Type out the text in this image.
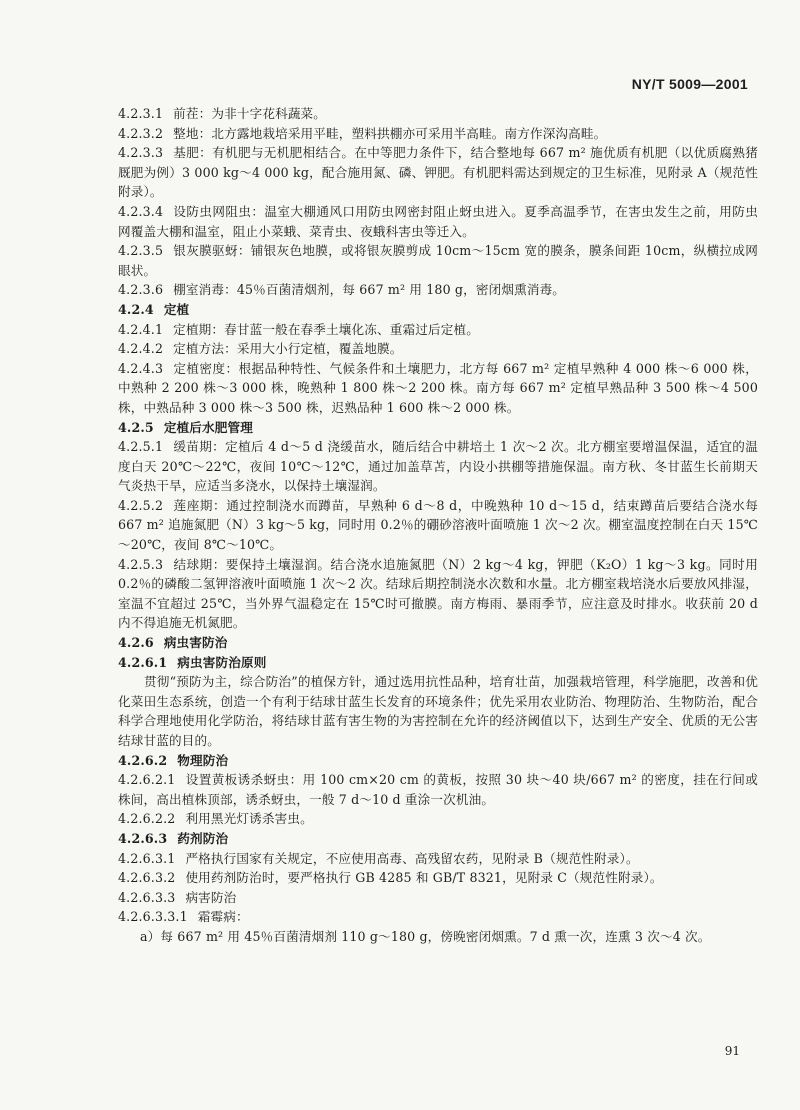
NY/T 5009—2001

4.2.3.1 前茬：为非十字花科蔬菜。

4.2.3.2 整地：北方露地栽培采用平畦，塑料拱棚亦可采用半高畦。南方作深沟高畦。

4.2.3.3 基肥：有机肥与无机肥相结合。在中等肥力条件下，结合整地每 667 m² 施优质有机肥（以优质腐熟猪厩肥为例）3 000 kg～4 000 kg，配合施用氮、磷、钾肥。有机肥料需达到规定的卫生标准，见附录 A（规范性附录）。

4.2.3.4 设防虫网阻虫：温室大棚通风口用防虫网密封阻止蚜虫进入。夏季高温季节，在害虫发生之前，用防虫网覆盖大棚和温室，阻止小菜蛾、菜青虫、夜蛾科害虫等迁入。

4.2.3.5 银灰膜驱蚜：铺银灰色地膜，或将银灰膜剪成 10cm～15cm 宽的膜条，膜条间距 10cm，纵横拉成网眼状。

4.2.3.6 棚室消毒：45％百菌清烟剂，每 667 m² 用 180 g，密闭烟熏消毒。

4.2.4 定植

4.2.4.1 定植期：春甘蓝一般在春季土壤化冻、重霜过后定植。

4.2.4.2 定植方法：采用大小行定植，覆盖地膜。

4.2.4.3 定植密度：根据品种特性、气候条件和土壤肥力，北方每 667 m² 定植早熟种 4 000 株～6 000 株，中熟种 2 200 株～3 000 株，晚熟种 1 800 株～2 200 株。南方每 667 m² 定植早熟品种 3 500 株～4 500 株，中熟品种 3 000 株～3 500 株，迟熟品种 1 600 株～2 000 株。

4.2.5 定植后水肥管理

4.2.5.1 缓苗期：定植后 4 d～5 d 浇缓苗水，随后结合中耕培土 1 次～2 次。北方棚室要增温保温，适宜的温度白天 20℃～22℃，夜间 10℃～12℃，通过加盖草苫，内设小拱棚等措施保温。南方秋、冬甘蓝生长前期天气炎热干旱，应适当多浇水，以保持土壤湿润。

4.2.5.2 莲座期：通过控制浇水而蹲苗，早熟种 6 d～8 d，中晚熟种 10 d～15 d，结束蹲苗后要结合浇水每 667 m² 追施氮肥（N）3 kg～5 kg，同时用 0.2％的硼砂溶液叶面喷施 1 次～2 次。棚室温度控制在白天 15℃～20℃，夜间 8℃～10℃。

4.2.5.3 结球期：要保持土壤湿润。结合浇水追施氮肥（N）2 kg～4 kg，钾肥（K₂O）1 kg～3 kg。同时用 0.2％的磷酸二氢钾溶液叶面喷施 1 次～2 次。结球后期控制浇水次数和水量。北方棚室栽培浇水后要放风排湿，室温不宜超过 25℃，当外界气温稳定在 15℃时可撤膜。南方梅雨、暴雨季节，应注意及时排水。收获前 20 d 内不得追施无机氮肥。

4.2.6 病虫害防治

4.2.6.1 病虫害防治原则

贯彻“预防为主，综合防治”的植保方针，通过选用抗性品种，培育壮苗，加强栽培管理，科学施肥，改善和优化菜田生态系统，创造一个有利于结球甘蓝生长发育的环境条件；优先采用农业防治、物理防治、生物防治，配合科学合理地使用化学防治，将结球甘蓝有害生物的为害控制在允许的经济阈值以下，达到生产安全、优质的无公害结球甘蓝的目的。

4.2.6.2 物理防治

4.2.6.2.1 设置黄板诱杀蚜虫：用 100 cm×20 cm 的黄板，按照 30 块～40 块/667 m² 的密度，挂在行间或株间，高出植株顶部，诱杀蚜虫，一般 7 d～10 d 重涂一次机油。

4.2.6.2.2 利用黑光灯诱杀害虫。

4.2.6.3 药剂防治

4.2.6.3.1 严格执行国家有关规定，不应使用高毒、高残留农药，见附录 B（规范性附录）。

4.2.6.3.2 使用药剂防治时，要严格执行 GB 4285 和 GB/T 8321，见附录 C（规范性附录）。

4.2.6.3.3 病害防治

4.2.6.3.3.1 霜霉病：

a）每 667 m² 用 45％百菌清烟剂 110 g～180 g，傍晚密闭烟熏。7 d 熏一次，连熏 3 次～4 次。

91
